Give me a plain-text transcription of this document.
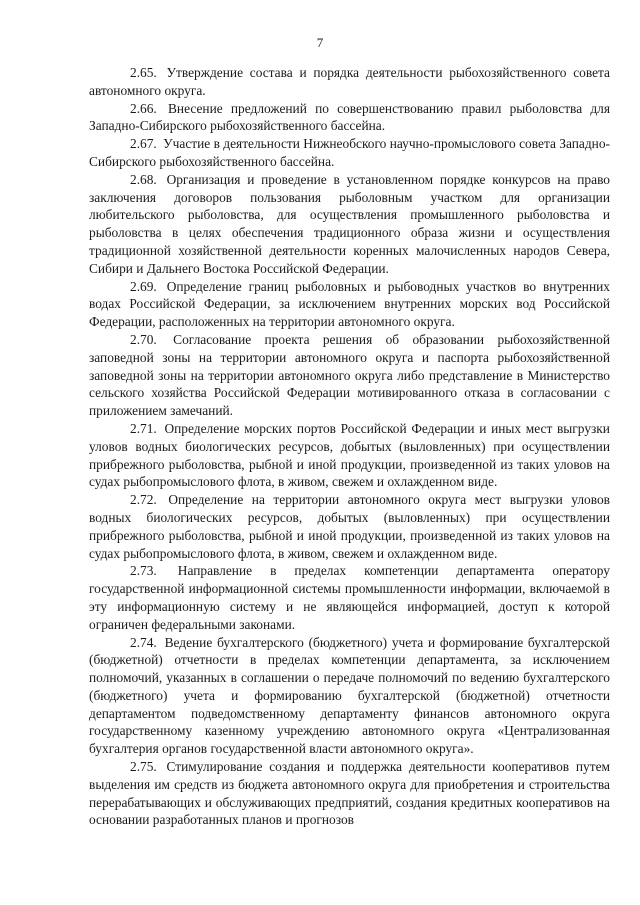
7

2.65. Утверждение состава и порядка деятельности рыбохозяйственного совета автономного округа.

2.66. Внесение предложений по совершенствованию правил рыболовства для Западно-Сибирского рыбохозяйственного бассейна.

2.67. Участие в деятельности Нижнеобского научно-промыслового совета Западно-Сибирского рыбохозяйственного бассейна.

2.68. Организация и проведение в установленном порядке конкурсов на право заключения договоров пользования рыболовным участком для организации любительского рыболовства, для осуществления промышленного рыболовства и рыболовства в целях обеспечения традиционного образа жизни и осуществления традиционной хозяйственной деятельности коренных малочисленных народов Севера, Сибири и Дальнего Востока Российской Федерации.

2.69. Определение границ рыболовных и рыбоводных участков во внутренних водах Российской Федерации, за исключением внутренних морских вод Российской Федерации, расположенных на территории автономного округа.

2.70. Согласование проекта решения об образовании рыбохозяйственной заповедной зоны на территории автономного округа и паспорта рыбохозяйственной заповедной зоны на территории автономного округа либо представление в Министерство сельского хозяйства Российской Федерации мотивированного отказа в согласовании с приложением замечаний.

2.71. Определение морских портов Российской Федерации и иных мест выгрузки уловов водных биологических ресурсов, добытых (выловленных) при осуществлении прибрежного рыболовства, рыбной и иной продукции, произведенной из таких уловов на судах рыбопромыслового флота, в живом, свежем и охлажденном виде.

2.72. Определение на территории автономного округа мест выгрузки уловов водных биологических ресурсов, добытых (выловленных) при осуществлении прибрежного рыболовства, рыбной и иной продукции, произведенной из таких уловов на судах рыбопромыслового флота, в живом, свежем и охлажденном виде.

2.73. Направление в пределах компетенции департамента оператору государственной информационной системы промышленности информации, включаемой в эту информационную систему и не являющейся информацией, доступ к которой ограничен федеральными законами.

2.74. Ведение бухгалтерского (бюджетного) учета и формирование бухгалтерской (бюджетной) отчетности в пределах компетенции департамента, за исключением полномочий, указанных в соглашении о передаче полномочий по ведению бухгалтерского (бюджетного) учета и формированию бухгалтерской (бюджетной) отчетности департаментом подведомственному департаменту финансов автономного округа государственному казенному учреждению автономного округа «Централизованная бухгалтерия органов государственной власти автономного округа».

2.75. Стимулирование создания и поддержка деятельности кооперативов путем выделения им средств из бюджета автономного округа для приобретения и строительства перерабатывающих и обслуживающих предприятий, создания кредитных кооперативов на основании разработанных планов и прогнозов
